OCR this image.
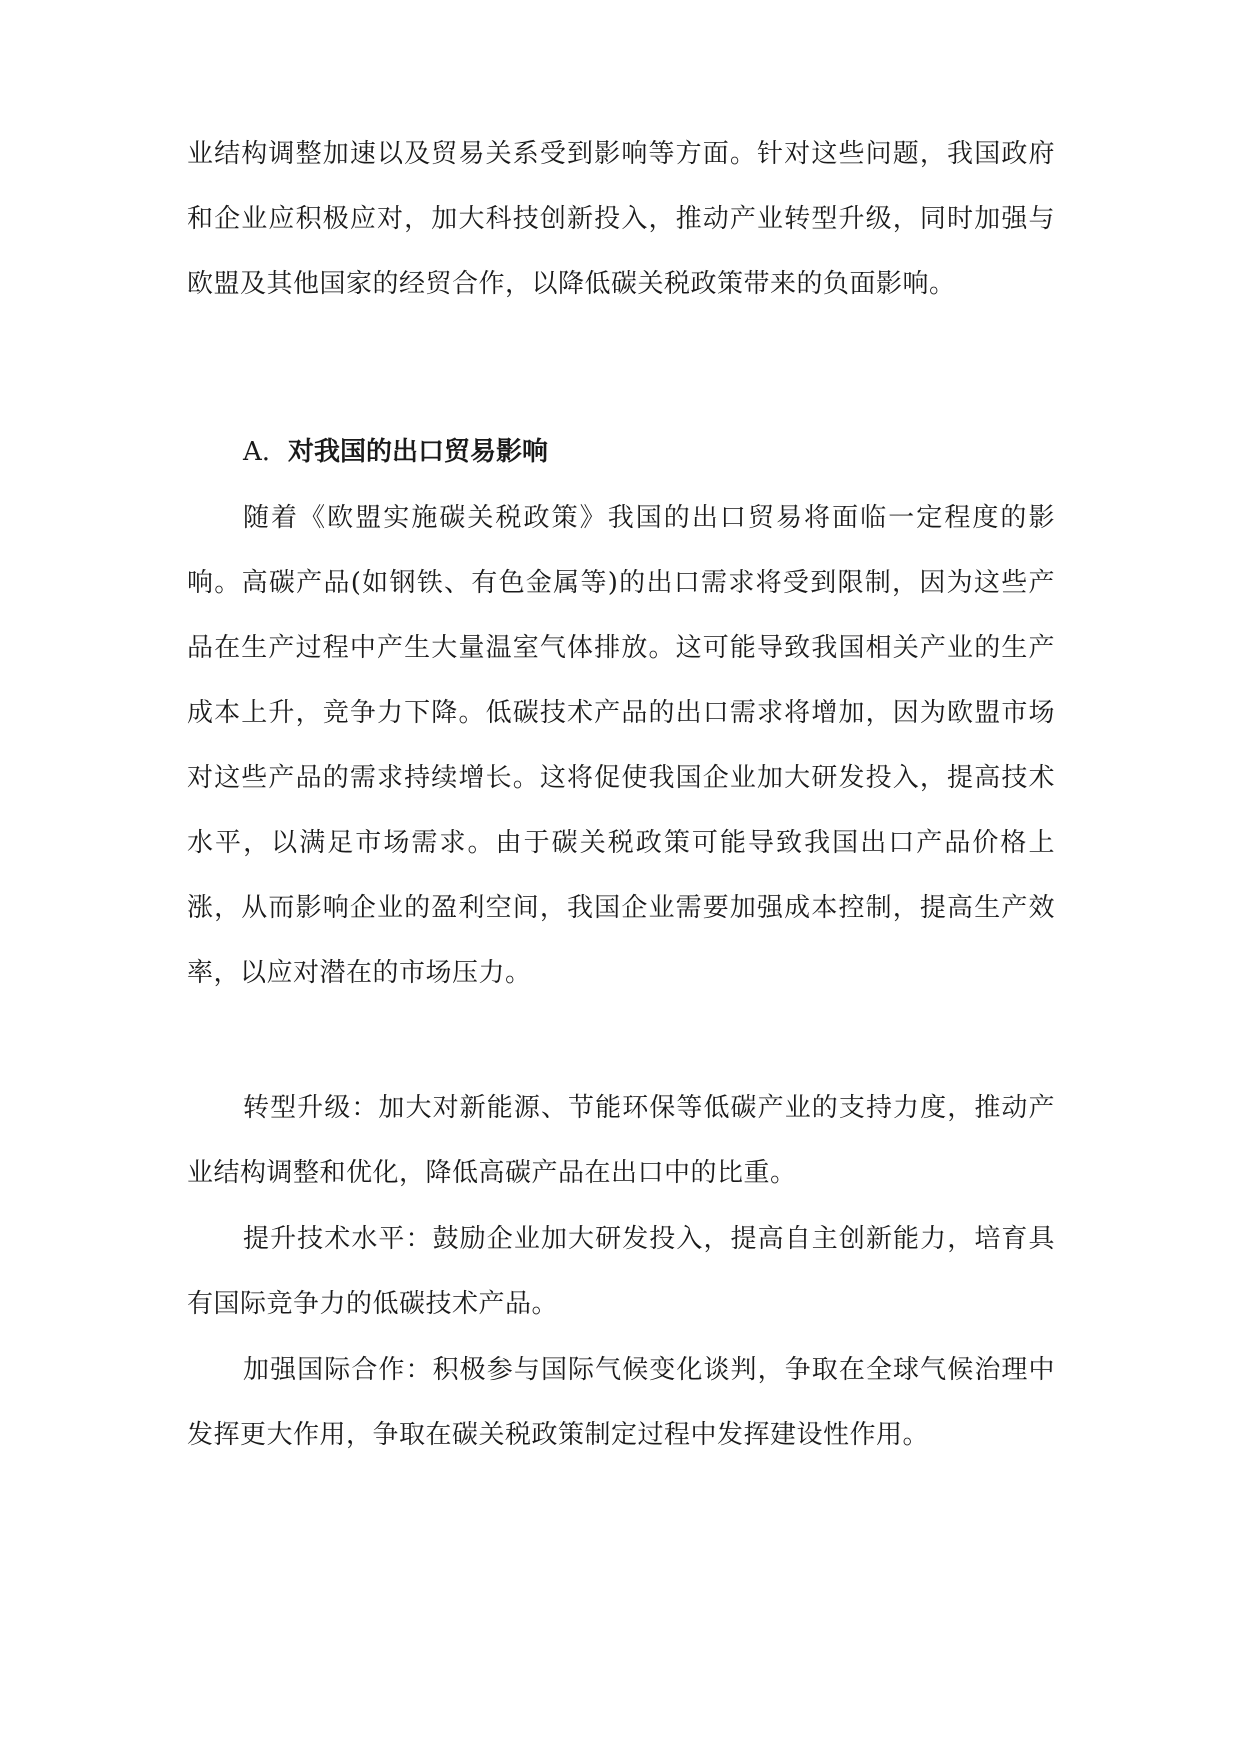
业结构调整加速以及贸易关系受到影响等方面。针对这些问题，我国政府和企业应积极应对，加大科技创新投入，推动产业转型升级，同时加强与欧盟及其他国家的经贸合作，以降低碳关税政策带来的负面影响。

A. 对我国的出口贸易影响

随着《欧盟实施碳关税政策》我国的出口贸易将面临一定程度的影响。高碳产品(如钢铁、有色金属等)的出口需求将受到限制，因为这些产品在生产过程中产生大量温室气体排放。这可能导致我国相关产业的生产成本上升，竞争力下降。低碳技术产品的出口需求将增加，因为欧盟市场对这些产品的需求持续增长。这将促使我国企业加大研发投入，提高技术水平，以满足市场需求。由于碳关税政策可能导致我国出口产品价格上涨，从而影响企业的盈利空间，我国企业需要加强成本控制，提高生产效率，以应对潜在的市场压力。

转型升级：加大对新能源、节能环保等低碳产业的支持力度，推动产业结构调整和优化，降低高碳产品在出口中的比重。

提升技术水平：鼓励企业加大研发投入，提高自主创新能力，培育具有国际竞争力的低碳技术产品。

加强国际合作：积极参与国际气候变化谈判，争取在全球气候治理中发挥更大作用，争取在碳关税政策制定过程中发挥建设性作用。
